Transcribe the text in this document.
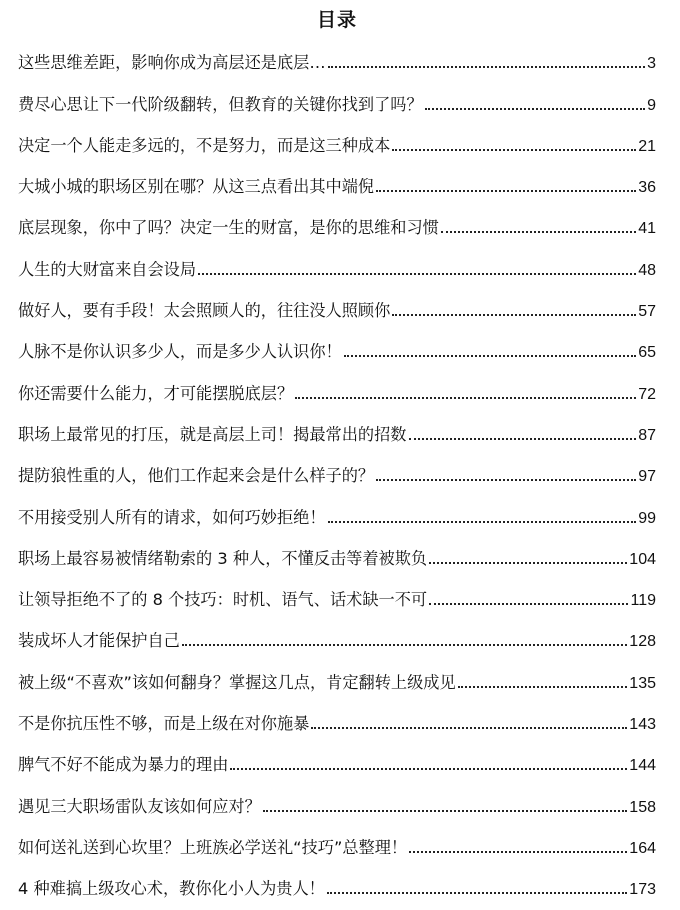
目录
这些思维差距，影响你成为高层还是底层…	3
费尽心思让下一代阶级翻转，但教育的关键你找到了吗？	9
决定一个人能走多远的，不是努力，而是这三种成本	21
大城小城的职场区别在哪？从这三点看出其中端倪	36
底层现象，你中了吗？决定一生的财富，是你的思维和习惯	41
人生的大财富来自会设局	48
做好人，要有手段！太会照顾人的，往往没人照顾你	57
人脉不是你认识多少人，而是多少人认识你！	65
你还需要什么能力，才可能摆脱底层？	72
职场上最常见的打压，就是高层上司！揭最常出的招数	87
提防狼性重的人，他们工作起来会是什么样子的？	97
不用接受别人所有的请求，如何巧妙拒绝！	99
职场上最容易被情绪勒索的 3 种人，不懂反击等着被欺负	104
让领导拒绝不了的 8 个技巧：时机、语气、话术缺一不可	119
装成坏人才能保护自己	128
被上级“不喜欢”该如何翻身？掌握这几点，肯定翻转上级成见	135
不是你抗压性不够，而是上级在对你施暴	143
脾气不好不能成为暴力的理由	144
遇见三大职场雷队友该如何应对？	158
如何送礼送到心坎里？上班族必学送礼“技巧”总整理！	164
4 种难搞上级攻心术，教你化小人为贵人！	173
